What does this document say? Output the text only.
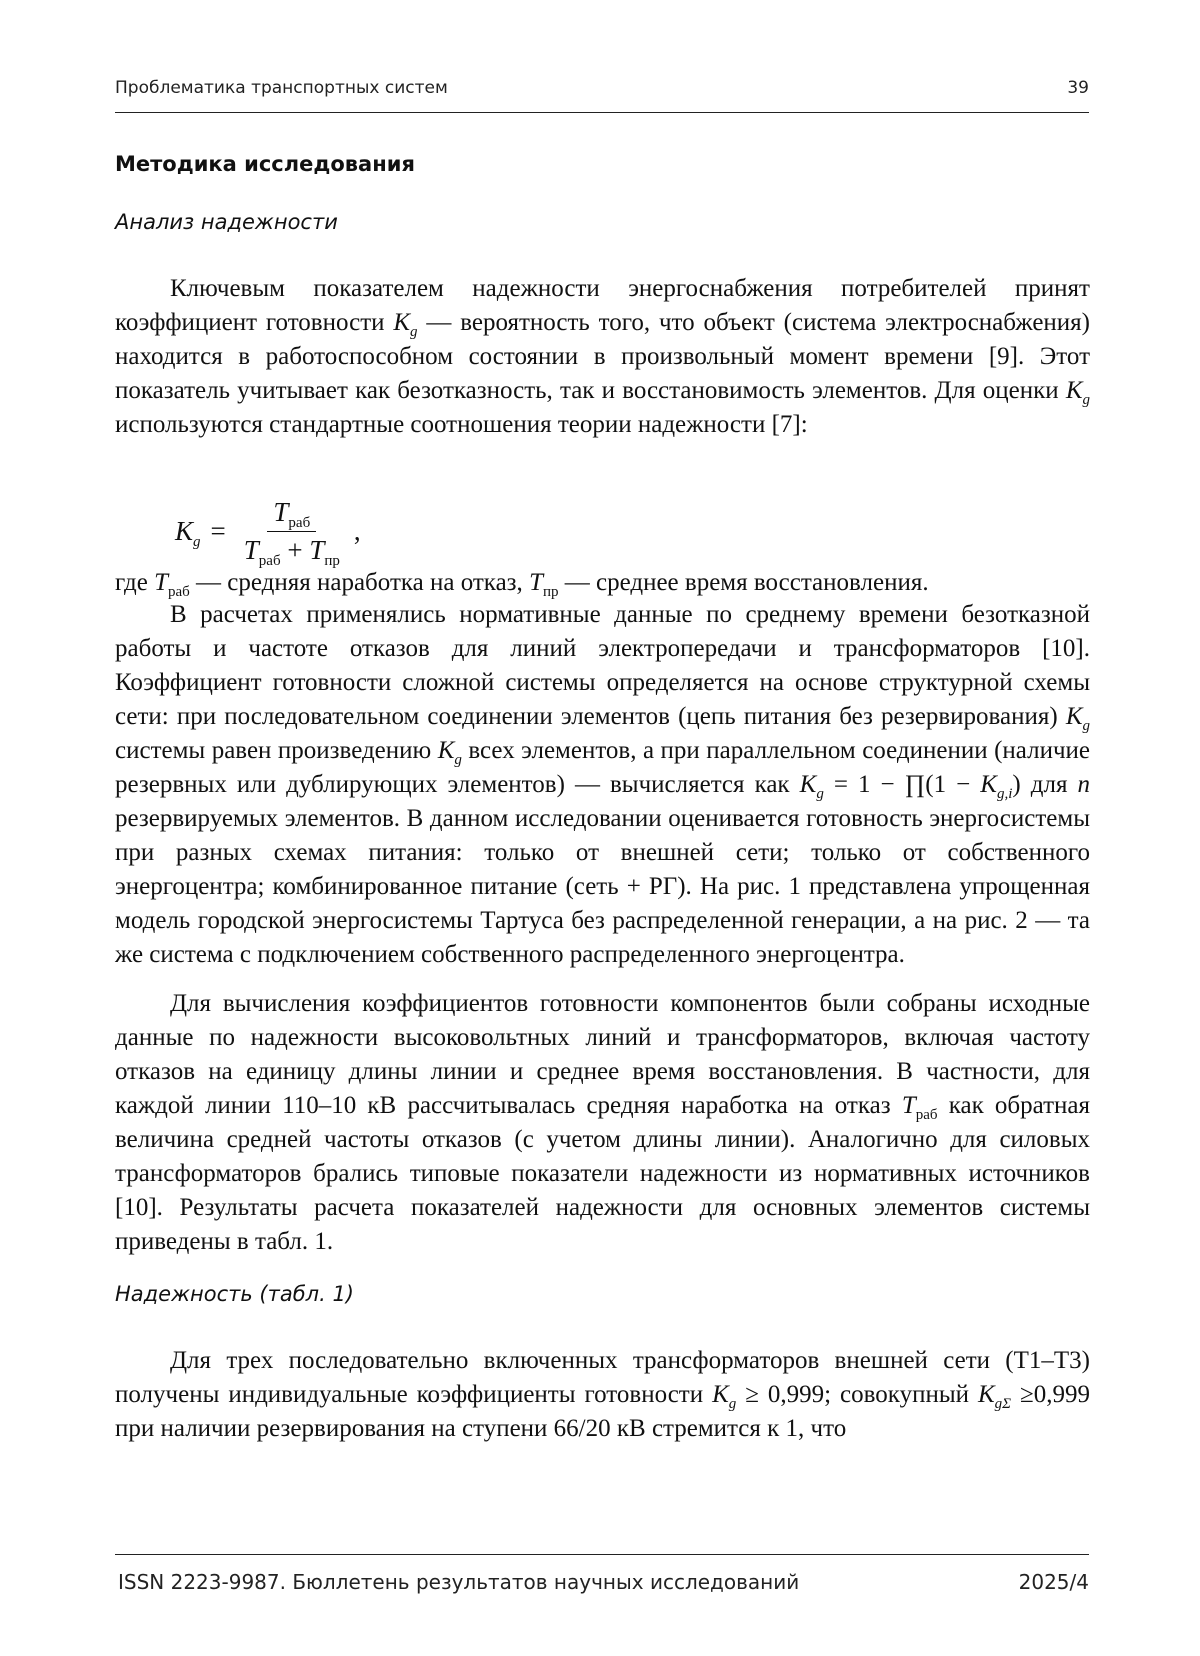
Проблематика транспортных систем	39
Методика исследования
Анализ надежности
Ключевым показателем надежности энергоснабжения потребителей принят коэффициент готовности $K_g$ — вероятность того, что объект (система электроснабжения) находится в работоспособном состоянии в произвольный момент времени [9]. Этот показатель учитывает как безотказность, так и восстановимость элементов. Для оценки $K_g$ используются стандартные соотношения теории надежности [7]:
$K_g = \frac{T_{раб}}{T_{раб} + T_{пр}}$ ,
где $T_{раб}$ — средняя наработка на отказ, $T_{пр}$ — среднее время восстановления.
В расчетах применялись нормативные данные по среднему времени безотказной работы и частоте отказов для линий электропередачи и трансформаторов [10]. Коэффициент готовности сложной системы определяется на основе структурной схемы сети: при последовательном соединении элементов (цепь питания без резервирования) $K_g$ системы равен произведению $K_g$ всех элементов, а при параллельном соединении (наличие резервных или дублирующих элементов) — вычисляется как $K_g = 1$ − ∏(1 − $K_{g,i}$) для n резервируемых элементов. В данном исследовании оценивается готовность энергосистемы при разных схемах питания: только от внешней сети; только от собственного энергоцентра; комбинированное питание (сеть + РГ). На рис. 1 представлена упрощенная модель городской энергосистемы Тартуса без распределенной генерации, а на рис. 2 — та же система с подключением собственного распределенного энергоцентра.
Для вычисления коэффициентов готовности компонентов были собраны исходные данные по надежности высоковольтных линий и трансформаторов, включая частоту отказов на единицу длины линии и среднее время восстановления. В частности, для каждой линии 110–10 кВ рассчитывалась средняя наработка на отказ $T_{раб}$ как обратная величина средней частоты отказов (с учетом длины линии). Аналогично для силовых трансформаторов брались типовые показатели надежности из нормативных источников [10]. Результаты расчета показателей надежности для основных элементов системы приведены в табл. 1.
Надежность (табл. 1)
Для трех последовательно включенных трансформаторов внешней сети (T1–T3) получены индивидуальные коэффициенты готовности $K_g \ge 0,999$; совокупный $K_{g\Sigma} \ge 0,999$ при наличии резервирования на ступени 66/20 кВ стремится к 1, что
ISSN 2223-9987. Бюллетень результатов научных исследований	2025/4
